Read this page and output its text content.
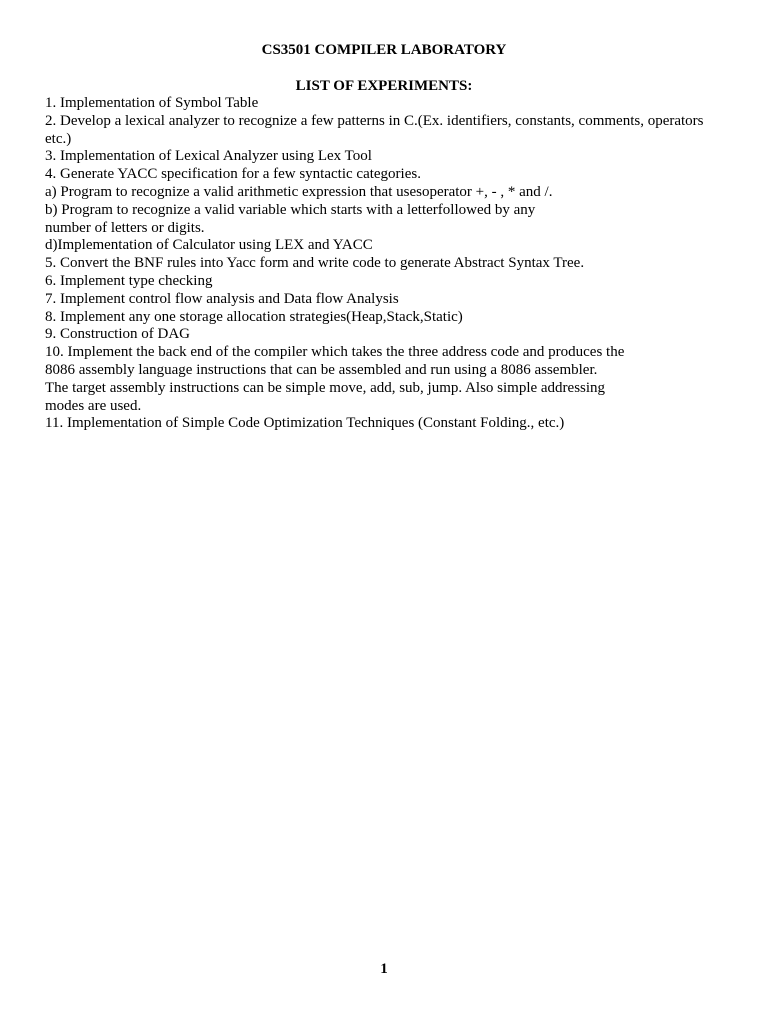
CS3501 COMPILER LABORATORY
LIST OF EXPERIMENTS:
1. Implementation of Symbol Table
2. Develop a lexical analyzer to recognize a few patterns in C.(Ex. identifiers, constants, comments, operators
etc.)
3. Implementation of Lexical Analyzer using Lex Tool
4. Generate YACC specification for a few syntactic categories.
a) Program to recognize a valid arithmetic expression that usesoperator +, - , * and /.
b) Program to recognize a valid variable which starts with a letterfollowed by any
number of letters or digits.
d)Implementation of Calculator using LEX and YACC
5. Convert the BNF rules into Yacc form and write code to generate Abstract Syntax Tree.
6. Implement type checking
7. Implement control flow analysis and Data flow Analysis
8. Implement any one storage allocation strategies(Heap,Stack,Static)
9. Construction of DAG
10. Implement the back end of the compiler which takes the three address code and produces the
8086 assembly language instructions that can be assembled and run using a 8086 assembler.
The target assembly instructions can be simple move, add, sub, jump. Also simple addressing
modes are used.
11. Implementation of Simple Code Optimization Techniques (Constant Folding., etc.)
1
